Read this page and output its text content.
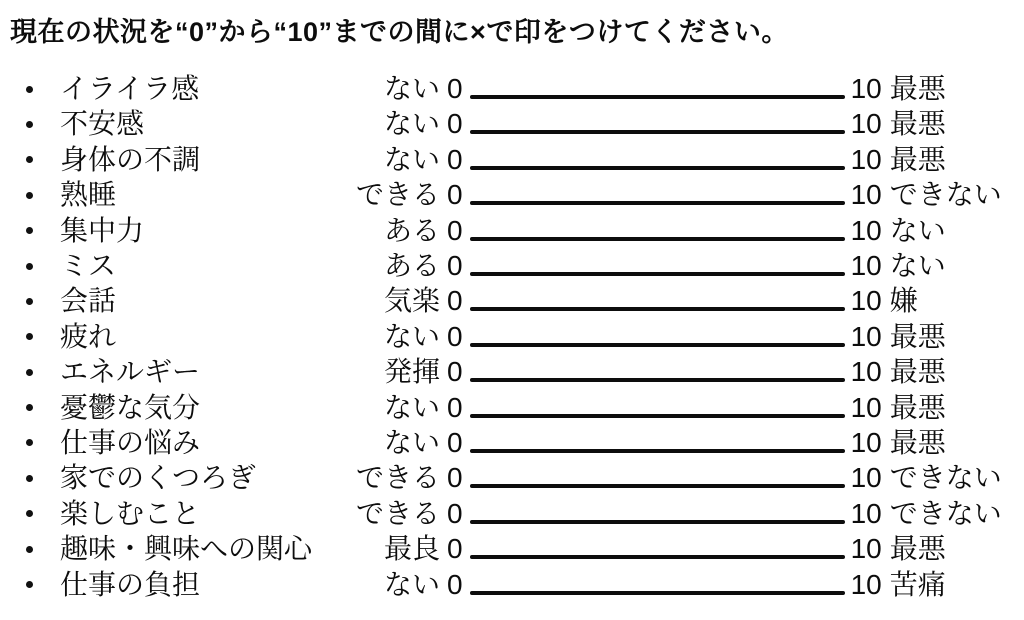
現在の状況を“0”から“10”までの間に×で印をつけてください。
イライラ感	ない 0	10 最悪
不安感	ない 0	10 最悪
身体の不調	ない 0	10 最悪
熟睡	できる 0	10 できない
集中力	ある 0	10 ない
ミス	ある 0	10 ない
会話	気楽 0	10 嫌
疲れ	ない 0	10 最悪
エネルギー	発揮 0	10 最悪
憂鬱な気分	ない 0	10 最悪
仕事の悩み	ない 0	10 最悪
家でのくつろぎ	できる 0	10 できない
楽しむこと	できる 0	10 できない
趣味・興味への関心	最良 0	10 最悪
仕事の負担	ない 0	10 苦痛
